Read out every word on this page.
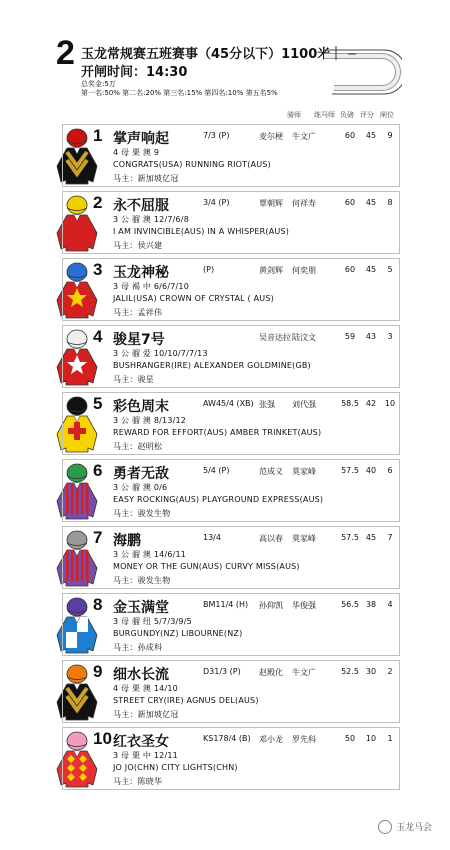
2 玉龙常规赛五班赛事（45分以下）1100米
开闸时间：14:30
总奖金:5万
第一名:50% 第二名:20% 第三名:15% 第四名:10% 第五名5%
骑师 练马师 负磅 评分 闸位
1 掌声响起	7/3 (P)	麦尔梗 牛文广	60	45	9
4 母 栗 澳 9
CONGRATS(USA) RUNNING RIOT(AUS)
马主：新加坡亿冠
2 永不屈服	3/4 (P)	覃朝辉 何祥寿	60	45	8
3 公 骝 澳 12/7/6/8
I AM INVINCIBLE(AUS) IN A WHISPER(AUS)
马主：侯兴建
3 玉龙神秘	(P)	黄剑辉 何奕朋	60	45	5
3 母 褐 中 6/6/7/10
JALIL(USA) CROWN OF CRYSTAL ( AUS)
马主：孟祥伟
4 骏星7号	吴音达拉 陆汶文	59	43	3
3 公 骝 爱 10/10/7/7/13
BUSHRANGER(IRE) ALEXANDER GOLDMINE(GB)
马主：骏星
5 彩色周末	AW45/4 (XB) 张强 刘代强	58.5 42	10
3 公 骝 澳 8/13/12
REWARD FOR EFFORT(AUS) AMBER TRINKET(AUS)
马主：赵明松
6 勇者无敌	5/4 (P)	范成义 莫家峰	57.5 40	6
3 公 骝 澳 0/6
EASY ROCKING(AUS) PLAYGROUND EXPRESS(AUS)
马主：骏发生物
7 海鹏	13/4	高以春 莫家峰	57.5 45	7
3 公 骝 澳 14/6/11
MONEY OR THE GUN(AUS) CURVY MISS(AUS)
马主：骏发生物
8 金玉满堂	BM11/4 (H) 孙仰凯 华俊强	56.5 38	4
3 母 骝 纽 5/7/3/9/5
BURGUNDY(NZ) LIBOURNE(NZ)
马主：孙成科
9 细水长流	D31/3 (P) 赵殿化 牛文广	52.5 30	2
4 母 栗 澳 14/10
STREET CRY(IRE) AGNUS DEL(AUS)
马主：新加坡亿冠
10 红衣圣女	KS178/4 (B) 邓小龙 罗先科	50	10	1
3 母 栗 中 12/11
JO JO(CHN) CITY LIGHTS(CHN)
马主：陈晓华
玉龙马会
